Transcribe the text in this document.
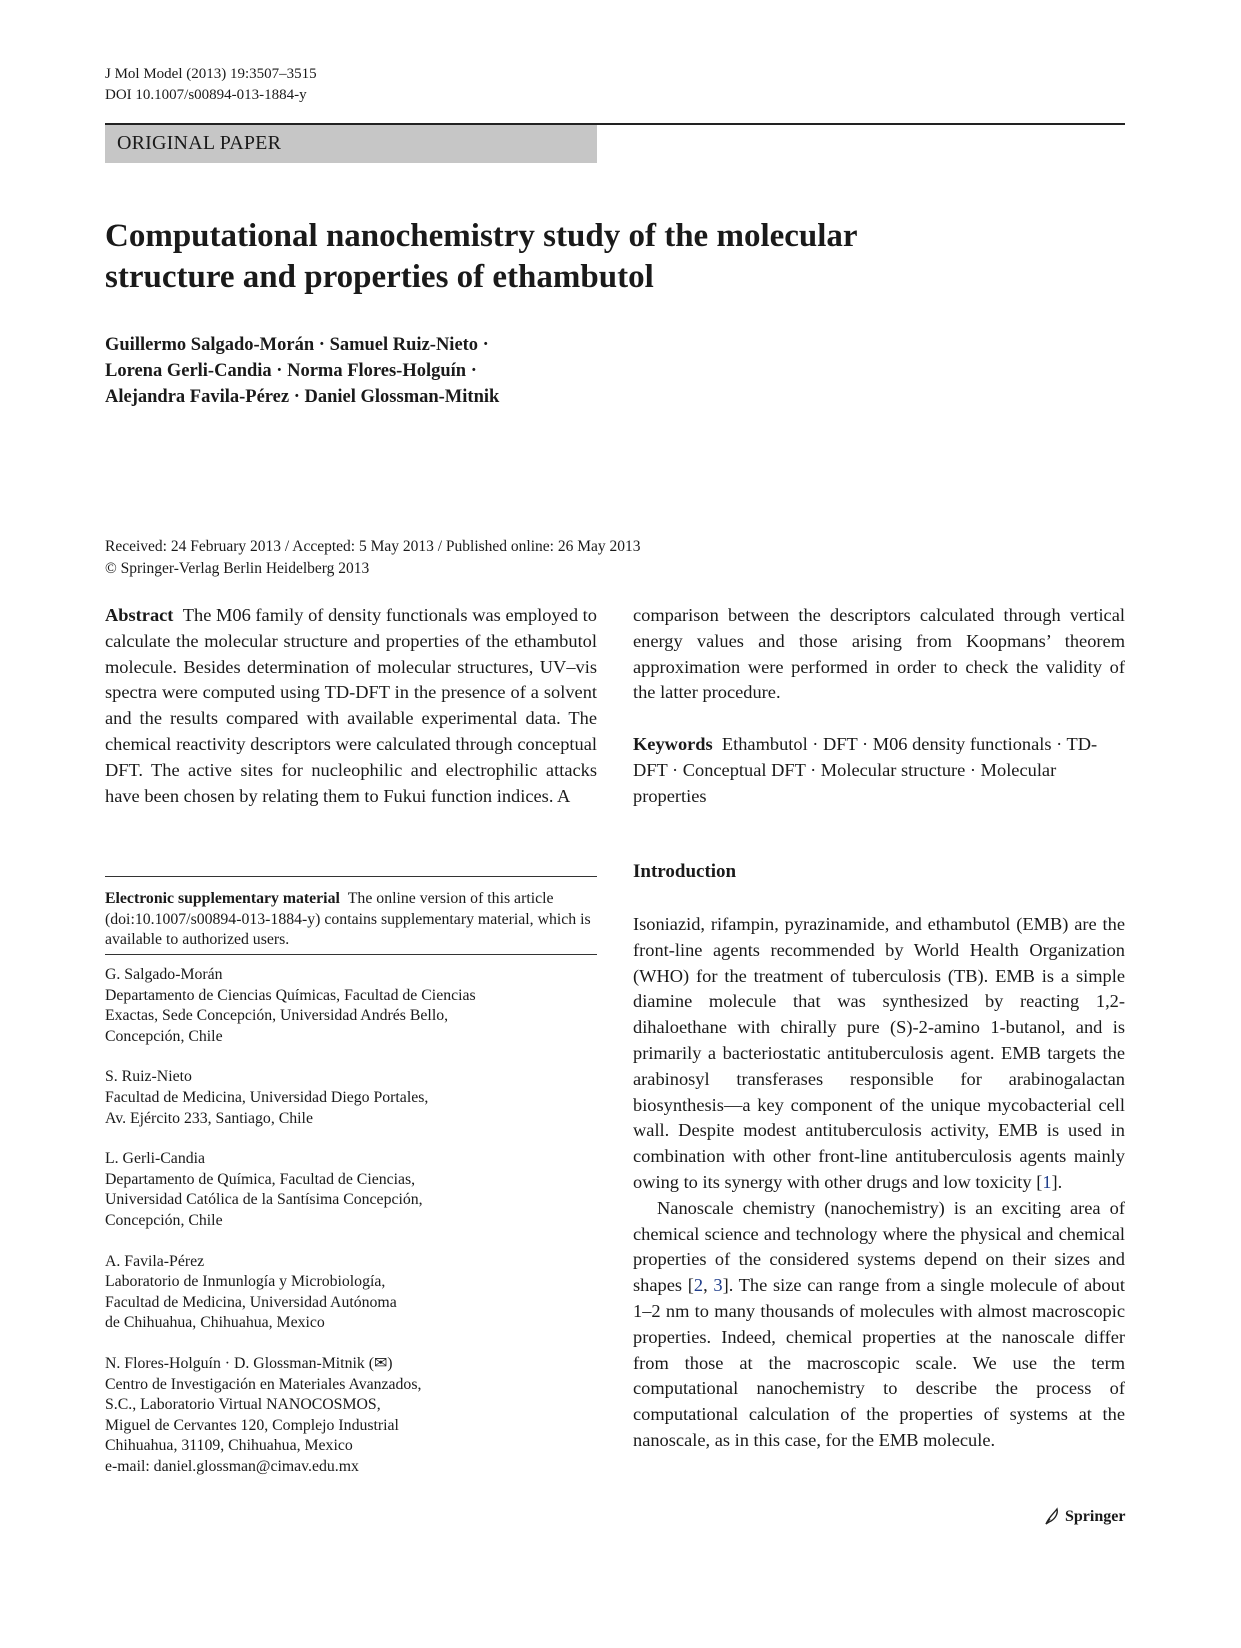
J Mol Model (2013) 19:3507–3515
DOI 10.1007/s00894-013-1884-y
ORIGINAL PAPER
Computational nanochemistry study of the molecular
structure and properties of ethambutol
Guillermo Salgado-Morán · Samuel Ruiz-Nieto ·
Lorena Gerli-Candia · Norma Flores-Holguín ·
Alejandra Favila-Pérez · Daniel Glossman-Mitnik
Received: 24 February 2013 / Accepted: 5 May 2013 / Published online: 26 May 2013
© Springer-Verlag Berlin Heidelberg 2013

Abstract The M06 family of density functionals was employed to calculate the molecular structure and properties of the ethambutol molecule. Besides determination of molecular structures, UV–vis spectra were computed using TD-DFT in the presence of a solvent and the results compared with available experimental data. The chemical reactivity descriptors were calculated through conceptual DFT. The active sites for nucleophilic and electrophilic attacks have been chosen by relating them to Fukui function indices. A

comparison between the descriptors calculated through vertical energy values and those arising from Koopmans’ theorem approximation were performed in order to check the validity of the latter procedure.

Keywords Ethambutol · DFT · M06 density functionals · TD-DFT · Conceptual DFT · Molecular structure · Molecular properties

Electronic supplementary material The online version of this article (doi:10.1007/s00894-013-1884-y) contains supplementary material, which is available to authorized users.
G. Salgado-Morán
Departamento de Ciencias Químicas, Facultad de Ciencias
Exactas, Sede Concepción, Universidad Andrés Bello,
Concepción, Chile
S. Ruiz-Nieto
Facultad de Medicina, Universidad Diego Portales,
Av. Ejército 233, Santiago, Chile
L. Gerli-Candia
Departamento de Química, Facultad de Ciencias,
Universidad Católica de la Santísima Concepción,
Concepción, Chile
A. Favila-Pérez
Laboratorio de Inmunlogía y Microbiología,
Facultad de Medicina, Universidad Autónoma
de Chihuahua, Chihuahua, Mexico
N. Flores-Holguín · D. Glossman-Mitnik (✉)
Centro de Investigación en Materiales Avanzados,
S.C., Laboratorio Virtual NANOCOSMOS,
Miguel de Cervantes 120, Complejo Industrial
Chihuahua, 31109, Chihuahua, Mexico
e-mail: daniel.glossman@cimav.edu.mx
Introduction

Isoniazid, rifampin, pyrazinamide, and ethambutol (EMB) are the front-line agents recommended by World Health Organization (WHO) for the treatment of tuberculosis (TB). EMB is a simple diamine molecule that was synthesized by reacting 1,2-dihaloethane with chirally pure (S)-2-amino 1-butanol, and is primarily a bacteriostatic antituberculosis agent. EMB targets the arabinosyl transferases responsible for arabinogalactan biosynthesis—a key component of the unique mycobacterial cell wall. Despite modest antituberculosis activity, EMB is used in combination with other front-line antituberculosis agents mainly owing to its synergy with other drugs and low toxicity [1].

Nanoscale chemistry (nanochemistry) is an exciting area of chemical science and technology where the physical and chemical properties of the considered systems depend on their sizes and shapes [2, 3]. The size can range from a single molecule of about 1–2 nm to many thousands of molecules with almost macroscopic properties. Indeed, chemical properties at the nanoscale differ from those at the macroscopic scale. We use the term computational nanochemistry to describe the process of computational calculation of the properties of systems at the nanoscale, as in this case, for the EMB molecule.

Springer
